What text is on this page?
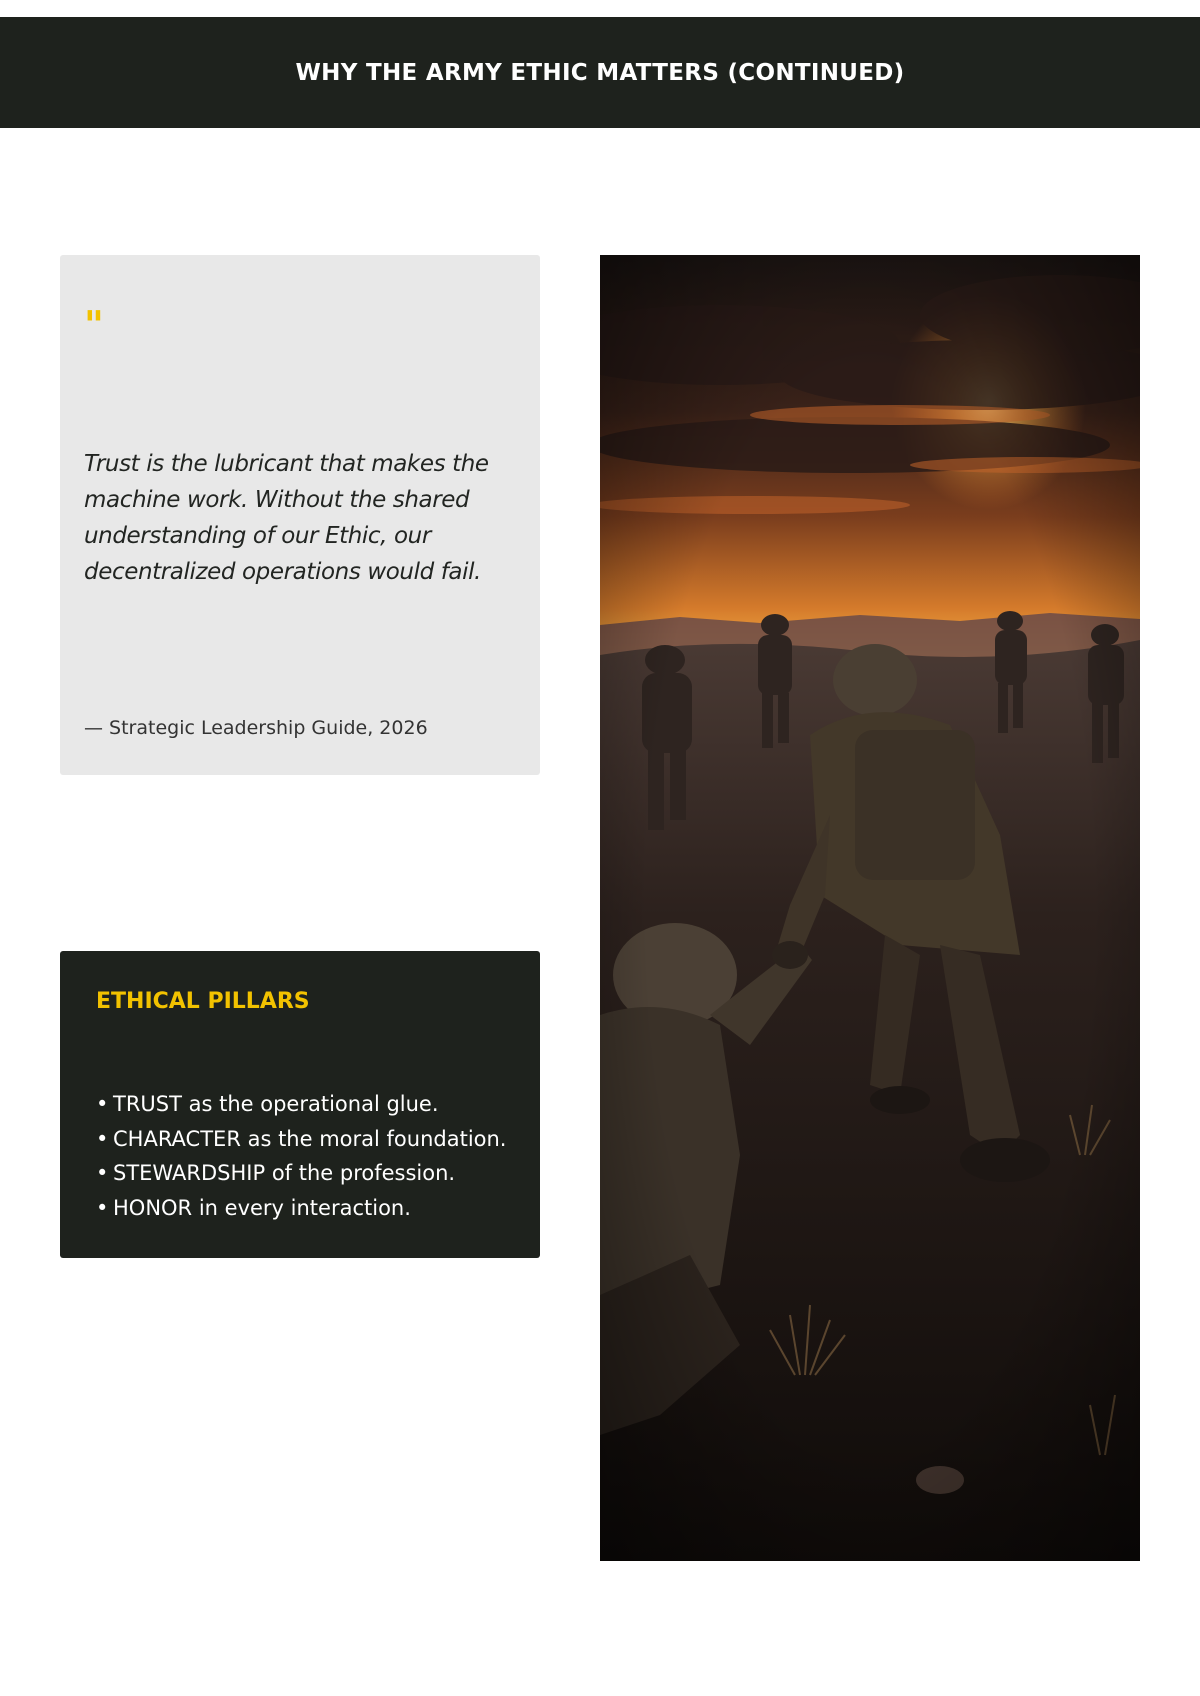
WHY THE ARMY ETHIC MATTERS (CONTINUED)
"

Trust is the lubricant that makes the machine work. Without the shared understanding of our Ethic, our decentralized operations would fail.

— Strategic Leadership Guide, 2026
ETHICAL PILLARS
• TRUST as the operational glue.
• CHARACTER as the moral foundation.
• STEWARDSHIP of the profession.
• HONOR in every interaction.
